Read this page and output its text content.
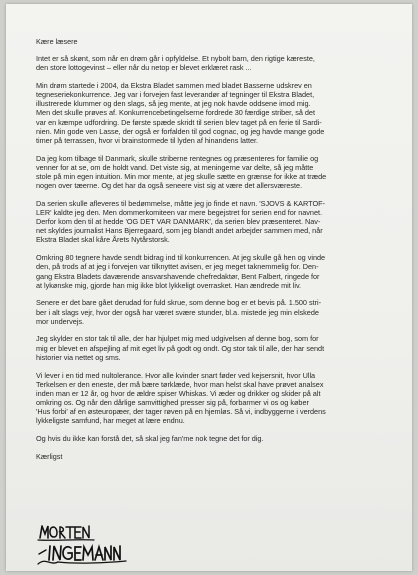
Kære læsere

Intet er så skønt, som når en drøm går i opfyldelse. Et nybolt barn, den rigtige kæreste,
den store lottogevinst – eller når du netop er blevet erklæret rask ...

Min drøm startede i 2004, da Ekstra Bladet sammen med bladet Basserne udskrev en
tegneseriekonkurrence. Jeg var i forvejen fast leverandør af tegninger til Ekstra Bladet,
illustrerede klummer og den slags, så jeg mente, at jeg nok havde oddsene imod mig.
Men det skulle prøves af. Konkurrencebetingelserne fordrede 30 færdige striber, så det
var en kæmpe udfordring. De første spæde skridt til serien blev taget på en ferie til Sardi-
nien. Min gode ven Lasse, der også er forfalden til god cognac, og jeg havde mange gode
timer på terrassen, hvor vi brainstormede til lyden af hinandens latter.

Da jeg kom tilbage til Danmark, skulle striberne rentegnes og præsenteres for familie og
venner for at se, om de holdt vand. Det viste sig, at meningerne var delte, så jeg måtte
stole på min egen intuition. Min mor mente, at jeg skulle sætte en grænse for ikke at træde
nogen over tæerne. Og det har da også seneere vist sig at være det allersværeste.

Da serien skulle afleveres til bedømmelse, måtte jeg jo finde et navn. 'SJOVS & KARTOF-
LER' kaldte jeg den. Men dommerkomiteen var mere begejstret for serien end for navnet.
Derfor kom den til at hedde 'OG DET VAR DANMARK', da serien blev præsenteret. Nav-
net skyldes journalist Hans Bjerregaard, som jeg blandt andet arbejder sammen med, når
Ekstra Bladet skal kåre Årets Nytårstorsk.

Omkring 80 tegnere havde sendt bidrag ind til konkurrencen. At jeg skulle gå hen og vinde
den, på trods af at jeg i forvejen var tilknyttet avisen, er jeg meget taknemmelig for. Den-
gang Ekstra Bladets daværende ansvarshavende chefredaktør, Bent Falbert, ringede for
at lykønske mig, gjorde han mig ikke blot lykkeligt overrasket. Han ændrede mit liv.

Senere er det bare gået derudad for fuld skrue, som denne bog er et bevis på. 1.500 stri-
ber i alt slags vejr, hvor der også har været svære stunder, bl.a. mistede jeg min elskede
mor undervejs.

Jeg skylder en stor tak til alle, der har hjulpet mig med udgivelsen af denne bog, som for
mig er blevet en afspejling af mit eget liv på godt og ondt. Og stor tak til alle, der har sendt
historier via nettet og sms.

Vi lever i en tid med nultolerance. Hvor alle kvinder snart føder ved kejsersnit, hvor Ulla
Terkelsen er den eneste, der må bære tørklæde, hvor man helst skal have prøvet analsex
inden man er 12 år, og hvor de ældre spiser Whiskas. Vi æder og drikker og skider på alt
omkring os. Og når den dårlige samvittighed presser sig på, forbarmer vi os og køber
'Hus forbi' af en østeuropæer, der tager røven på en hjemløs. Så vi, indbyggerne i verdens
lykkeligste samfund, har meget at lære endnu.

Og hvis du ikke kan forstå det, så skal jeg fan'me nok tegne det for dig.

Kærligst
